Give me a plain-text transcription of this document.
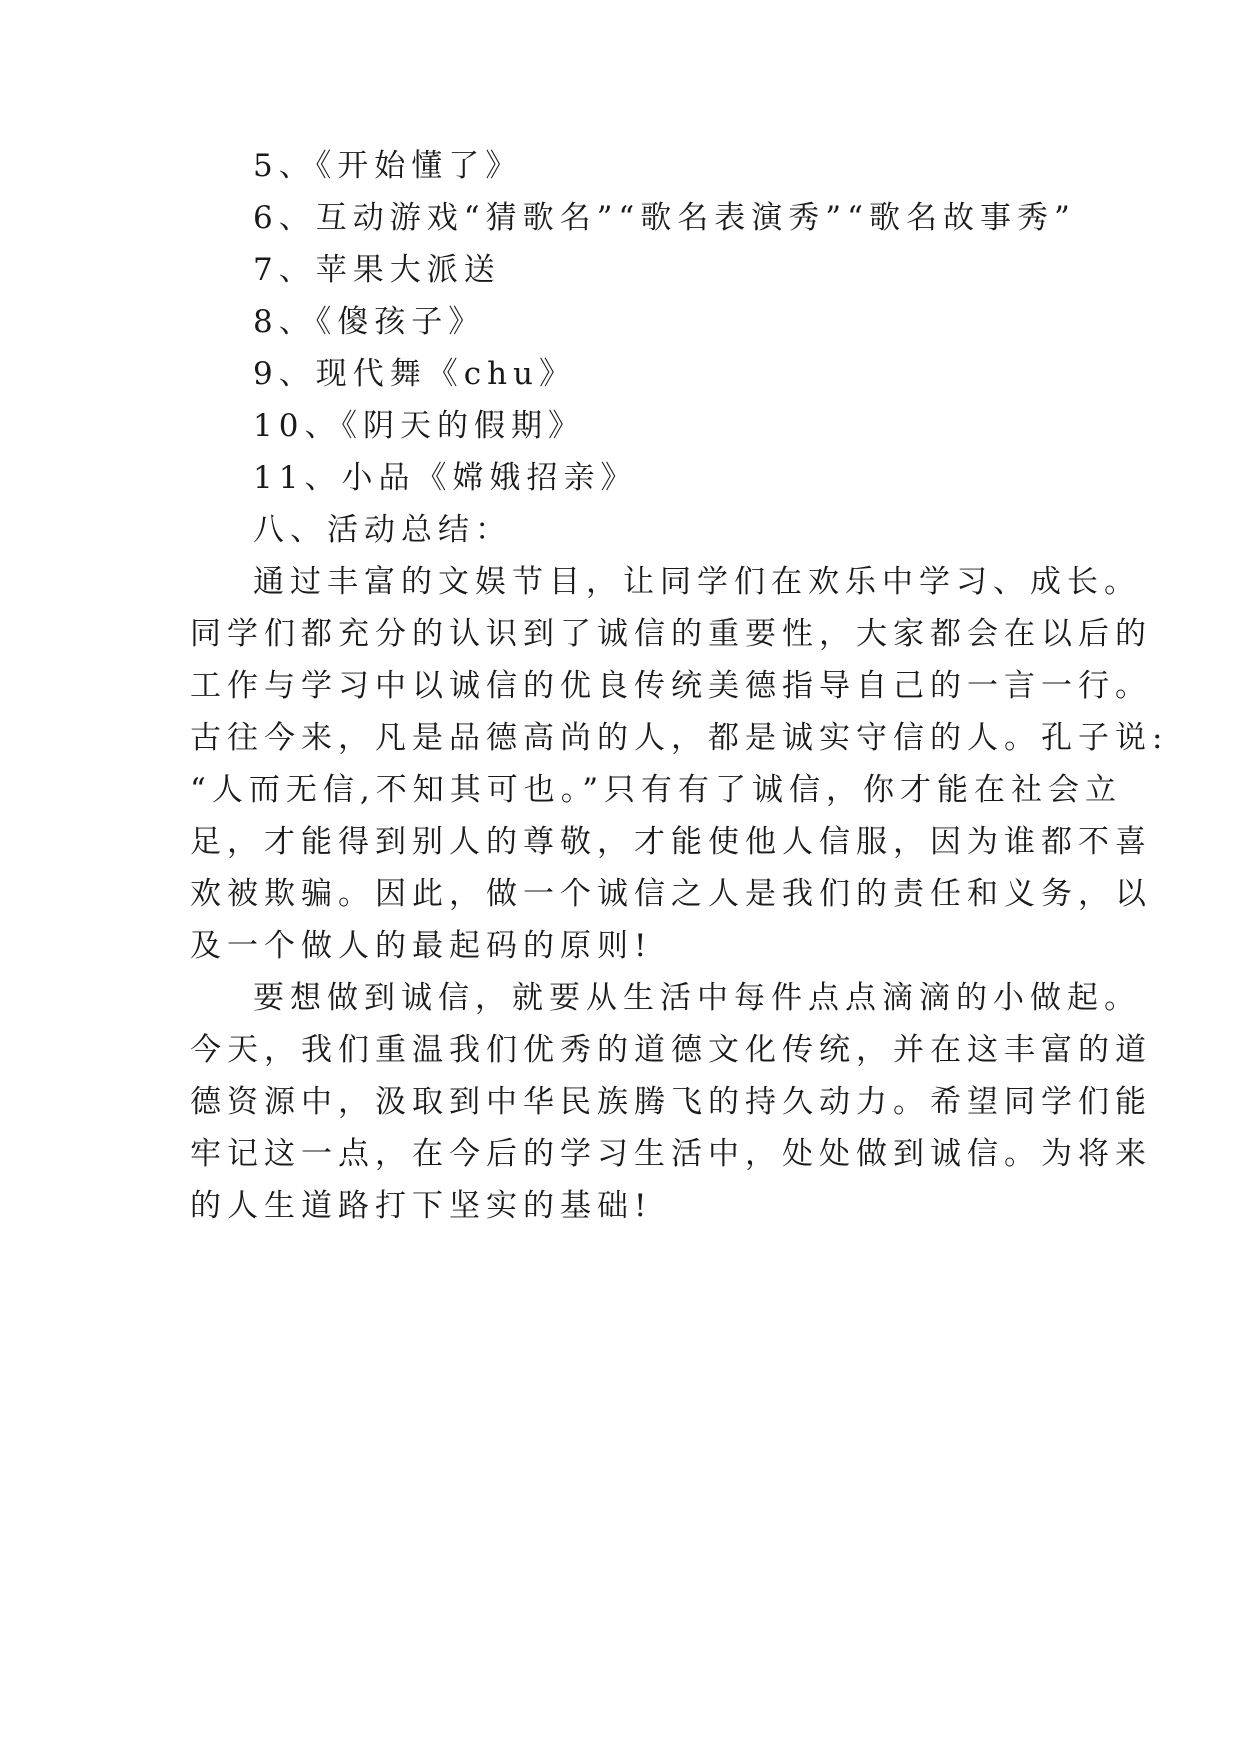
5、《开始懂了》
6、互动游戏“猜歌名”“歌名表演秀”“歌名故事秀”
7、苹果大派送
8、《傻孩子》
9、现代舞《chu》
10、《阴天的假期》
11、小品《嫦娥招亲》
八、活动总结：
通过丰富的文娱节目，让同学们在欢乐中学习、成长。
同学们都充分的认识到了诚信的重要性，大家都会在以后的
工作与学习中以诚信的优良传统美德指导自己的一言一行。
古往今来，凡是品德高尚的人，都是诚实守信的人。孔子说:
“人而无信,不知其可也。”只有有了诚信，你才能在社会立
足，才能得到别人的尊敬，才能使他人信服，因为谁都不喜
欢被欺骗。因此，做一个诚信之人是我们的责任和义务，以
及一个做人的最起码的原则!
要想做到诚信，就要从生活中每件点点滴滴的小做起。
今天，我们重温我们优秀的道德文化传统，并在这丰富的道
德资源中，汲取到中华民族腾飞的持久动力。希望同学们能
牢记这一点，在今后的学习生活中，处处做到诚信。为将来
的人生道路打下坚实的基础!
